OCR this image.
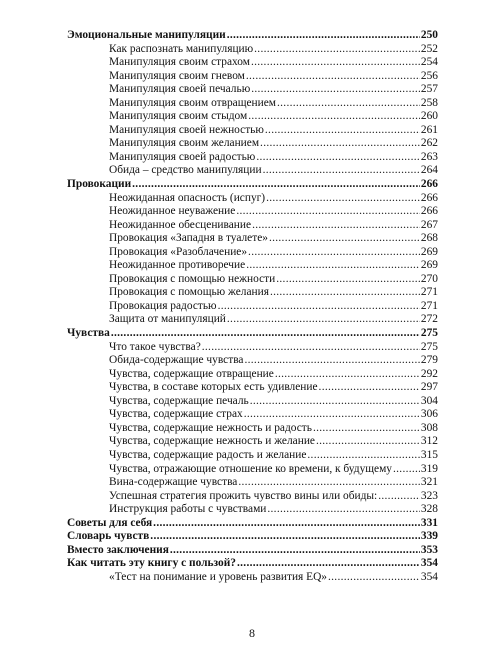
Эмоциональные манипуляции .....	250
Как распознать манипуляцию .....	252
Манипуляция своим страхом .....	254
Манипуляция своим гневом .....	256
Манипуляция своей печалью .....	257
Манипуляция своим отвращением .....	258
Манипуляция своим стыдом .....	260
Манипуляция своей нежностью .....	261
Манипуляция своим желанием .....	262
Манипуляция своей радостью .....	263
Обида – средство манипуляции .....	264
Провокации .....	266
Неожиданная опасность (испуг) .....	266
Неожиданное неуважение .....	266
Неожиданное обесценивание .....	267
Провокация «Западня в туалете» .....	268
Провокация «Разоблачение» .....	269
Неожиданное противоречие .....	269
Провокация с помощью нежности .....	270
Провокация с помощью желания .....	271
Провокация радостью .....	271
Защита от манипуляций .....	272
Чувства .....	275
Что такое чувства? .....	275
Обида-содержащие чувства .....	279
Чувства, содержащие отвращение .....	292
Чувства, в составе которых есть удивление .....	297
Чувства, содержащие печаль .....	304
Чувства, содержащие страх .....	306
Чувства, содержащие нежность и радость .....	308
Чувства, содержащие нежность и желание .....	312
Чувства, содержащие радость и желание .....	315
Чувства, отражающие отношение ко времени, к будущему .....	319
Вина-содержащие чувства .....	321
Успешная стратегия прожить чувство вины или обиды: .....	323
Инструкция работы с чувствами .....	328
Советы для себя .....	331
Словарь чувств .....	339
Вместо заключения .....	353
Как читать эту книгу с пользой? .....	354
«Тест на понимание и уровень развития EQ» .....	354
8
